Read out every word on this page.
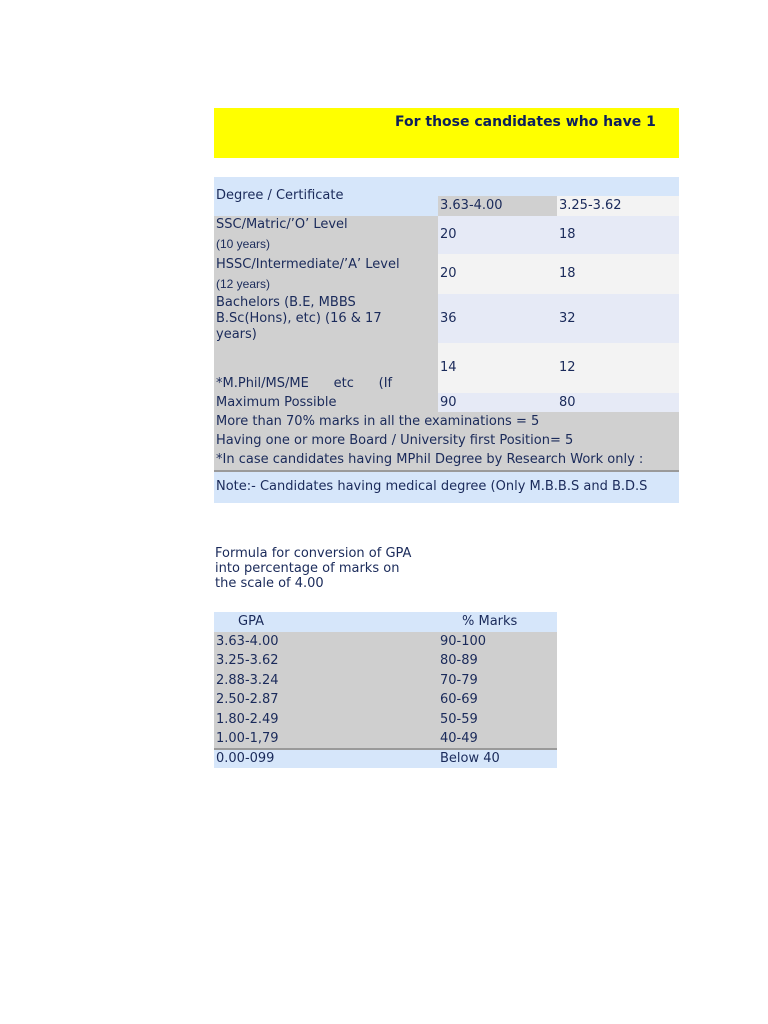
For those candidates who have 1
Degree / Certificate
3.63-4.00	3.25-3.62
SSC/Matric/’O’ Level
(10 years)
20	18
HSSC/Intermediate/’A’ Level
(12 years)
20	18
Bachelors (B.E, MBBS
B.Sc(Hons), etc) (16 & 17
years)
36	32

*M.Phil/MS/ME      etc      (If

14	12
Maximum Possible	90	80
More than 70% marks in all the examinations = 5
Having one or more Board / University first Position= 5
*In case candidates having MPhil Degree by Research Work only :
Note:- Candidates having medical degree (Only M.B.B.S and B.D.S
Formula for conversion of GPA
into percentage of marks on
the scale of 4.00
GPA	% Marks
3.63-4.00	90-100
3.25-3.62	80-89
2.88-3.24	70-79
2.50-2.87	60-69
1.80-2.49	50-59
1.00-1,79	40-49
0.00-099	Below 40
